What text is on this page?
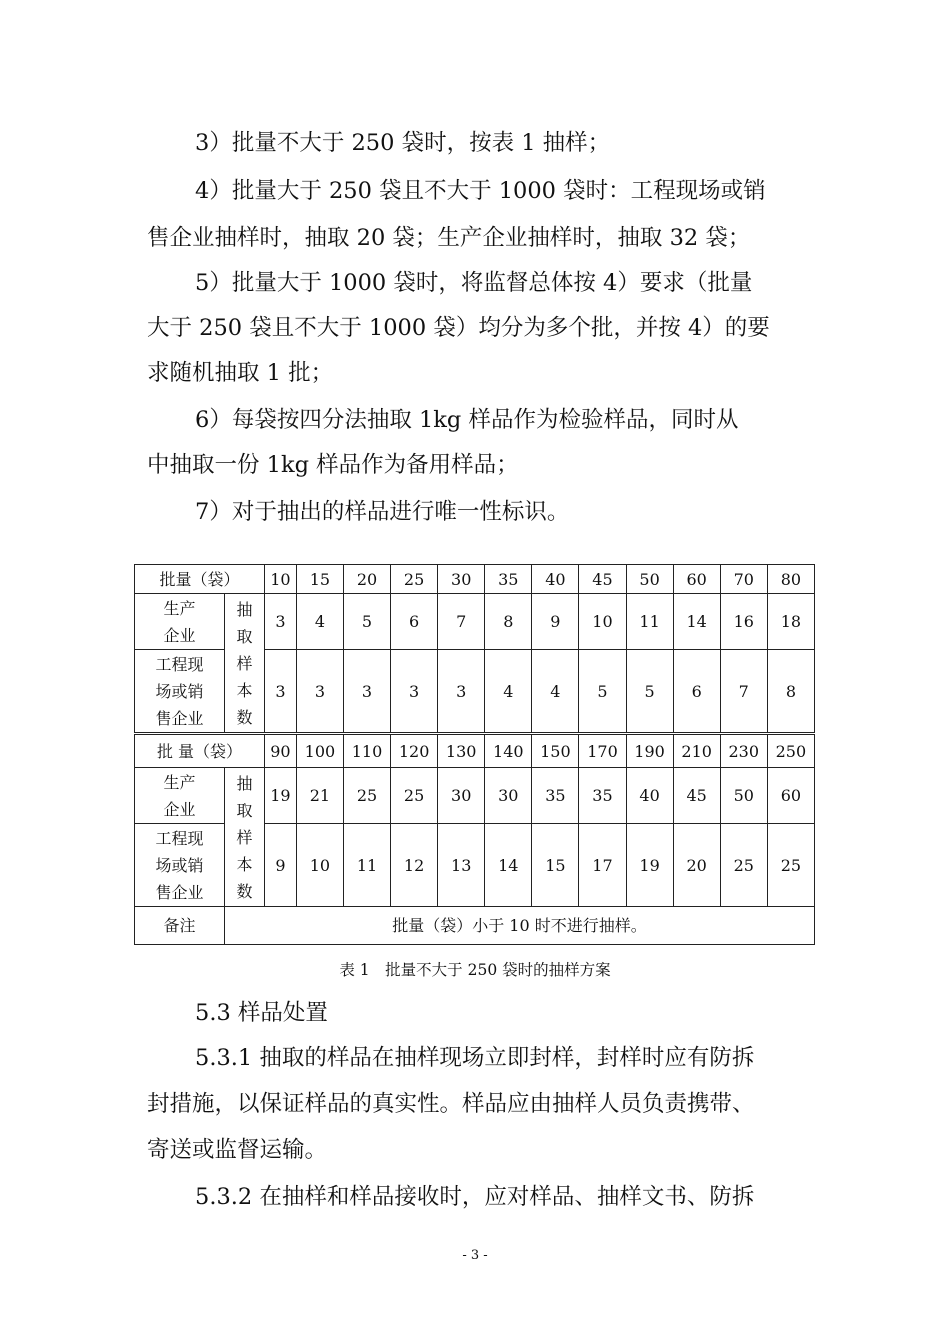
3）批量不大于 250 袋时，按表 1 抽样；

4）批量大于 250 袋且不大于 1000 袋时：工程现场或销

售企业抽样时，抽取 20 袋；生产企业抽样时，抽取 32 袋；

5）批量大于 1000 袋时，将监督总体按 4）要求（批量

大于 250 袋且不大于 1000 袋）均分为多个批，并按 4）的要

求随机抽取 1 批；

6）每袋按四分法抽取 1kg 样品作为检验样品，同时从

中抽取一份 1kg 样品作为备用样品；

7）对于抽出的样品进行唯一性标识。

批量（袋）		10	15	20	25	30	35	40	45	50	60	70	80
生产
企业	抽
取
样
本
数	3	4	5	6	7	8	9	10	11	14	16	18
工程现
场或销
售企业		3	3	3	3	3	4	4	5	5	6	7	8
批 量（袋）		90	100	110	120	130	140	150	170	190	210	230	250
生产
企业	抽
取
样
本
数	19	21	25	25	30	30	35	35	40	45	50	60
工程现
场或销
售企业		9	10	11	12	13	14	15	17	19	20	25	25
备注	批量（袋）小于 10 时不进行抽样。												
表 1　批量不大于 250 袋时的抽样方案

5.3 样品处置

5.3.1 抽取的样品在抽样现场立即封样，封样时应有防拆

封措施，以保证样品的真实性。样品应由抽样人员负责携带、

寄送或监督运输。

5.3.2 在抽样和样品接收时，应对样品、抽样文书、防拆

- 3 -
